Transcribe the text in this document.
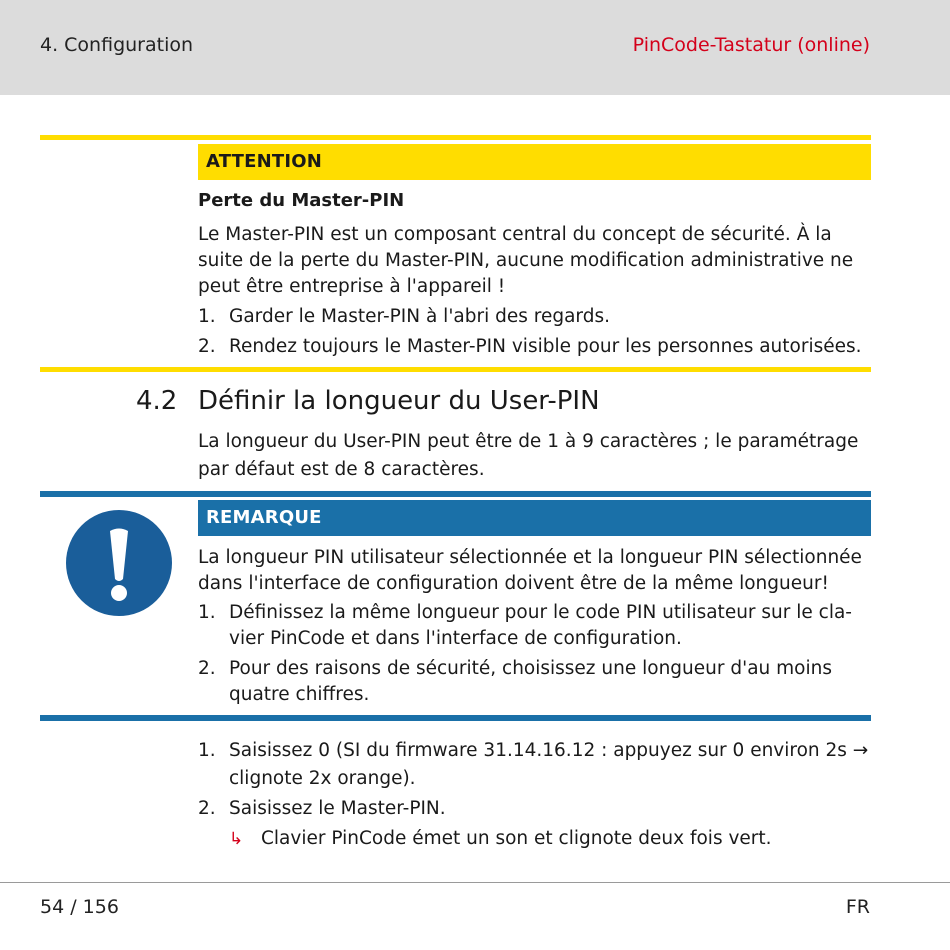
4. Configuration	PinCode-Tastatur (online)
ATTENTION
Perte du Master-PIN

Le Master-PIN est un composant central du concept de sécurité. À la suite de la perte du Master-PIN, aucune modification administrative ne peut être entreprise à l'appareil !

1. Garder le Master-PIN à l'abri des regards.
2. Rendez toujours le Master-PIN visible pour les personnes autorisées.
4.2 Définir la longueur du User-PIN

La longueur du User-PIN peut être de 1 à 9 caractères ; le paramétrage par défaut est de 8 caractères.

REMARQUE

La longueur PIN utilisateur sélectionnée et la longueur PIN sélectionnée dans l'interface de configuration doivent être de la même longueur!

1. Définissez la même longueur pour le code PIN utilisateur sur le cla-vier PinCode et dans l'interface de configuration.
2. Pour des raisons de sécurité, choisissez une longueur d'au moins quatre chiffres.
1. Saisissez 0 (SI du firmware 31.14.16.12 : appuyez sur 0 environ 2s → clignote 2x orange).
2. Saisissez le Master-PIN.
↳ Clavier PinCode émet un son et clignote deux fois vert.
54 / 156	FR
